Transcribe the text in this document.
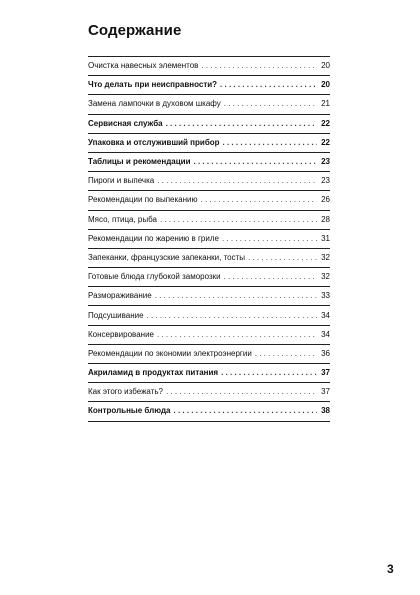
Содержание
Очистка навесных элементов . . .	20
Что делать при неисправности? . . .	20
Замена лампочки в духовом шкафу . . .	21
Сервисная служба . . .	22
Упаковка и отслуживший прибор . . .	22
Таблицы и рекомендации . . .	23
Пироги и выпечка . . .	23
Рекомендации по выпеканию . . .	26
Мясо, птица, рыба . . .	28
Рекомендации по жарению в гриле . . .	31
Запеканки, французские запеканки, тосты . . .	32
Готовые блюда глубокой заморозки . . .	32
Размораживание . . .	33
Подсушивание . . .	34
Консервирование . . .	34
Рекомендации по экономии электроэнергии . . .	36
Акриламид в продуктах питания . . .	37
Как этого избежать? . . .	37
Контрольные блюда . . .	38
3
